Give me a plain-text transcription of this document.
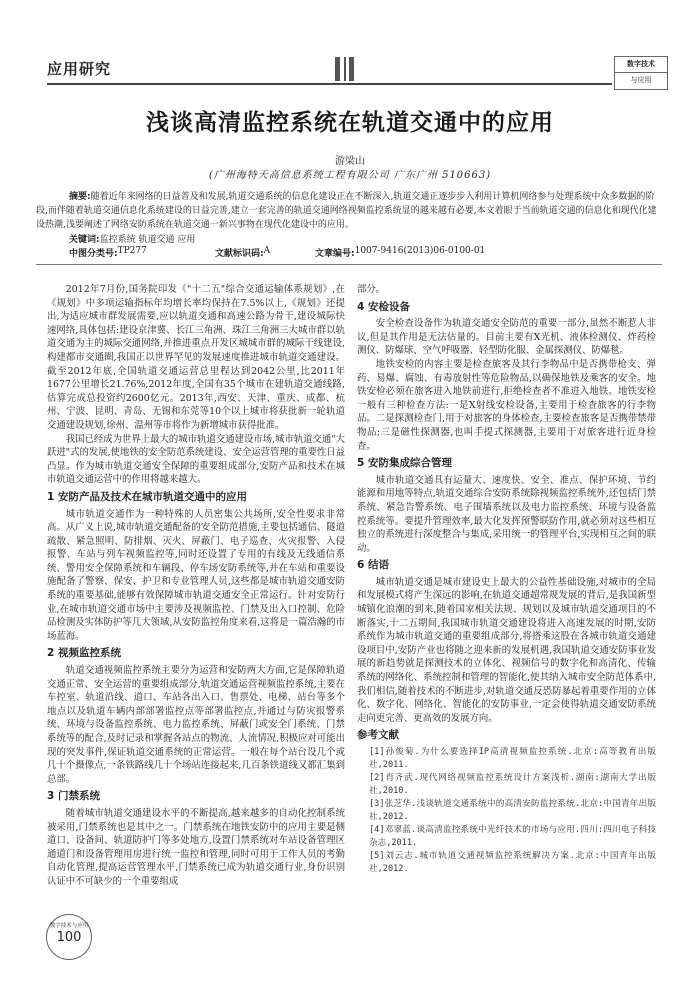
应用研究	数字技术
与应用
浅谈高清监控系统在轨道交通中的应用
游梁山
(广州海特天高信息系统工程有限公司 广东广州 510663)
摘要:随着近年来网络的日益普及和发展,轨道交通系统的信息化建设正在不断深入,轨道交通正逐步步入利用计算机网络参与处理系统中众多数据的阶段,而伴随着轨道交通信息化系统建设的日益完善,建立一套完善的轨道交通网络视频监控系统显的越来越有必要,本文着眼于当前轨道交通的信息化和现代化建设热潮,浅要阐述了网络安防系统在轨道交通一新兴事物在现代化建设中的应用。
关键词:监控系统 轨道交通 应用
中图分类号: TP277	文献标识码: A	文章编号: 1007-9416(2013)06-0100-01

2012年7月份,国务院印发《"十二五"综合交通运输体系规划》,在《规划》中多项运输指标年均增长率均保持在7.5%以上,《规划》还提出,为适应城市群发展需要,应以轨道交通和高速公路为骨干,建设城际快速网络,具体包括:建设京津冀、长江三角洲、珠江三角洲三大城市群以轨道交通为主的城际交通网络,并推进重点开发区城城市群的城际干线建设,构建都市交通圈,我国正以世界罕见的发展速度推进城市轨道交通建设。截至2012年底,全国轨道交通运营总里程达到2042公里,比2011年1677公里增长21.76%,2012年度,全国有35个城市在建轨道交通线路,估算完成总投资约2600亿元。2013年,西安、天津、重庆、成都、杭州、宁波、昆明、青岛、无锡和东莞等10个以上城市将获批新一轮轨道交通建设规划,徐州、温州等市将作为新增城市获得批准。

我国已经成为世界上最大的城市轨道交通建设市场,城市轨道交通"大跃进"式的发展,使地铁的安全防范系统建设、安全运营管理的重要性日益凸显。作为城市轨道交通安全保障的重要组成部分,安防产品和技术在城市轨道交通运营中的作用将越来越大。

1 安防产品及技术在城市轨道交通中的应用

城市轨道交通作为一种特殊的人员密集公共场所,安全性要求非常高。从广义上说,城市轨道交通配备的安全防范措施,主要包括通信、隧道疏散、紧急照明、防排烟、灭火、屏蔽门、电子巡查、火灾报警、入侵报警、车站与列车视频监控等,同时还设置了专用的有线及无线通信系统、警用安全保障系统和车辆段、停车场安防系统等,并在车站和重要设施配备了警察、保安、护卫和专业管理人员,这些都是城市轨道交通安防系统的重要基础,能够有效保障城市轨道交通安全正常运行。针对安防行业,在城市轨道交通市场中主要涉及视频监控、门禁及出入口控制、危险品检测及实体防护等几大领域,从安防监控角度来看,这将是一篇浩瀚的市场蓝海。

2 视频监控系统

轨道交通视频监控系统主要分为运营和安防两大方面,它是保障轨道交通正常、安全运营的重要组成部分,轨道交通运营视频监控系统,主要在车控室、轨道沿线、道口、车站各出入口、售票处、电梯、站台等多个地点以及轨道车辆内部部署监控点等部署监控点,并通过与防灾报警系统、环境与设备监控系统、电力监控系统、屏蔽门或安全门系统、门禁系统等的配合,及时记录和掌握各站点的物流、人流情况,积极应对可能出现的突发事件,保证轨道交通系统的正常运营。一般在每个站台设几个或几十个摄像点,一条铁路线几十个场站连接起来,几百条铁道线又都汇集到总部。

3 门禁系统

随着城市轨道交通建设水平的不断提高,越来越多的自动化控制系统被采用,门禁系统也是其中之一。门禁系统在地铁安防中的应用主要是侧道口、设备间、轨道防护门等多处地方,设置门禁系统对车站设备管理区通道门和设备管理用房进行统一监控和管理,同时可用于工作人员的考勤自动化管理,提高运营管理水平,门禁系统已成为轨道交通行业,身份识别认证中不可缺少的一个重要组成

部分。

4 安检设备

安全检查设备作为轨道交通安全防范的重要一部分,虽然不断惹人非议,但是其作用是无法估量的。目前主要有X光机、液体检测仪、炸药检测仪、防爆球、空气呼吸器、轻型防化服、金属探测仪、防爆毯。

地铁安检的内容主要是检查旅客及其行李物品中是否携带枪支、弹药、易爆、腐蚀、有毒放射性等危险物品,以确保地铁及乘客的安全。地铁安检必须在旅客进入地铁前进行,拒绝检查者不准进入地铁。地铁安检一般有三种检查方法:一是X射线安检设备,主要用于检查旅客的行李物品。二是探测检查门,用于对旅客的身体检查,主要检查旅客是否携带禁带物品;三是磁性探测器,也叫手提式探测器,主要用于对旅客进行近身检查。

5 安防集成综合管理

城市轨道交通具有运量大、速度快、安全、准点、保护环境、节约能源和用地等特点,轨道交通综合安防系统除视频监控系统外,还包括门禁系统、紧急告警系统、电子围墙系统以及电力监控系统、环境与设备监控系统等。要提升管理效率,最大化发挥预警联防作用,就必须对这些相互独立的系统进行深度整合与集成,采用统一的管理平台,实现相互之间的联动。

6 结语

城市轨道交通是城市建设史上最大的公益性基础设施,对城市的全局和发展模式将产生深远的影响,在轨道交通超常规发展的背后,是我国新型城镇化浪潮的到来,随着国家相关法规、规划以及城市轨道交通项目的不断落实,十二五期间,我国城市轨道交通建设将进入高速发展的时期,安防系统作为城市轨道交通的重要组成部分,将搭乘这股在各城市轨道交通建设项目中,安防产业也将随之迎来新的发展机遇,我国轨道交通安防事业发展的新趋势就是探测技术的立体化、视频信号的数字化和高清化、传输系统的网络化、系统控制和管理的智能化,使其纳入城市安全防范体系中,我们相信,随着技术的不断进步,对轨道交通反恐防暴起着重要作用的立体化、数字化、网络化、智能化的安防事业,一定会使得轨道交通安防系统走向更完善、更高效的发展方向。

参考文献

[1]孙俊菊.为什么要选择IP高清视频监控系统.北京:高等教育出版社,2011.

[2]肖齐武.现代网络视频监控系统设计方案浅析.湖南:湖南大学出版社,2010.

[3]张芝华.浅谈轨道交通系统中的高清安防监控系统.北京:中国青年出版社,2012.

[4]邓翠蓝.谈高清监控系统中光纤技术的市场与应用.四川:四川电子科技杂志,2011.

[5]刘云志.城市轨道交通视频监控系统解决方案.北京:中国青年出版社,2012.

数字技术与应用
100
